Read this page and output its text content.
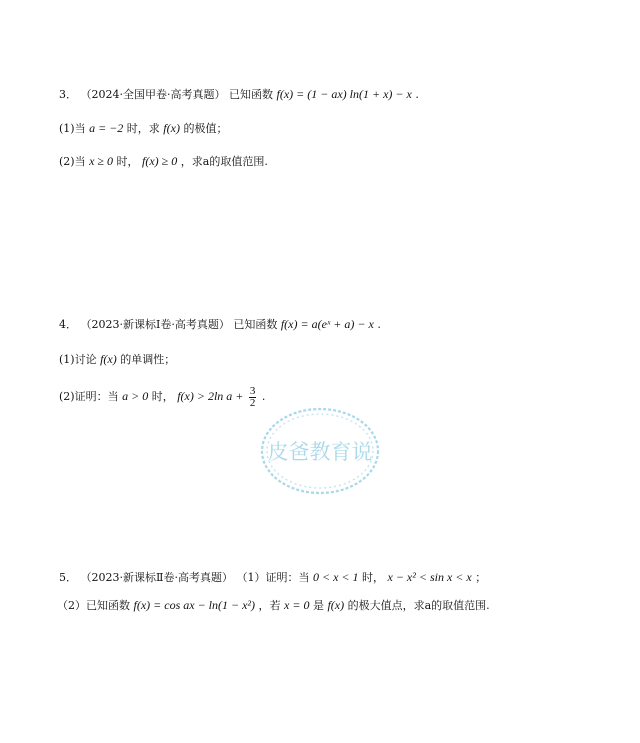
3． （2024·全国甲卷·高考真题） 已知函数 f(x) = (1 − ax) ln(1 + x) − x .
(1)当 a = −2 时，求 f(x) 的极值；
(2)当 x ≥ 0 时， f(x) ≥ 0 ，求a的取值范围.
4． （2023·新课标Ⅰ卷·高考真题） 已知函数 f(x) = a(eˣ + a) − x .
(1)讨论 f(x) 的单调性；
(2)证明：当 a > 0 时， f(x) > 2ln $a + \frac{3}{2}$ .
皮爸教育说
5． （2023·新课标Ⅱ卷·高考真题） （1）证明：当 0 < x < 1 时， x − x² < sin x < x ；
（2）已知函数 f(x) = cos ax − ln(1 − x²) ，若 x = 0 是 f(x) 的极大值点，求a的取值范围.
